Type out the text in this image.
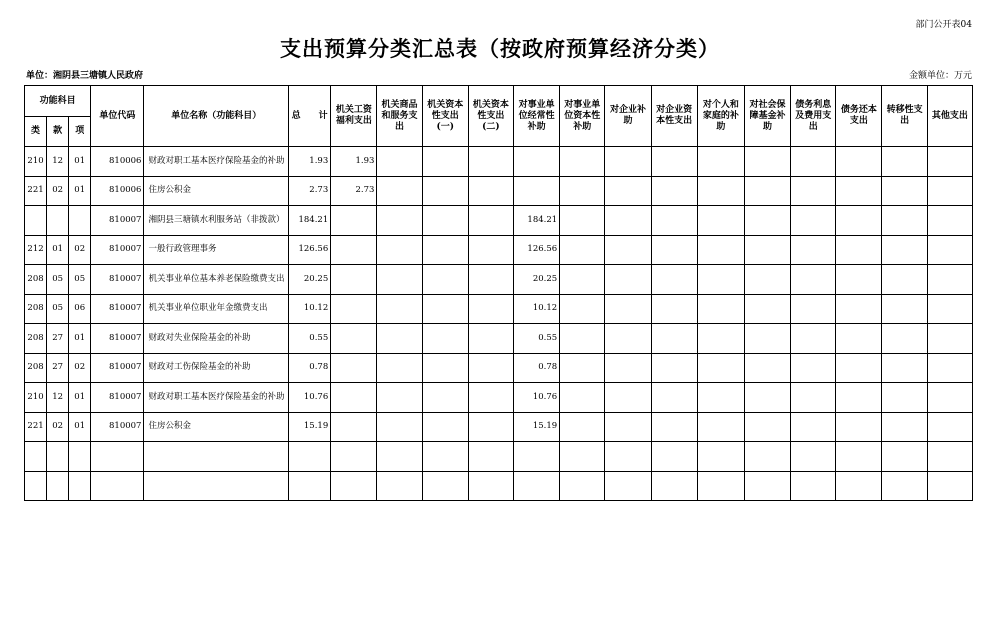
部门公开表04
支出预算分类汇总表（按政府预算经济分类）
单位：湘阴县三塘镇人民政府	金额单位：万元
功能科目			单位代码	单位名称（功能科目）	总　　计	机关工资福利支出	机关商品和服务支出	机关资本性支出(一)	机关资本性支出(二)	对事业单位经常性补助	对事业单位资本性补助	对企业补助	对企业资本性支出	对个人和家庭的补助	对社会保障基金补助	债务利息及费用支出	债务还本支出	转移性支出	其他支出
类	款	项																	
210	12	01	810006	财政对职工基本医疗保险基金的补助	1.93	1.93													
221	02	01	810006	住房公积金	2.73	2.73													
			810007	湘阴县三塘镇水利服务站（非拨款）	184.21					184.21									
212	01	02	810007	一般行政管理事务	126.56					126.56									
208	05	05	810007	机关事业单位基本养老保险缴费支出	20.25					20.25									
208	05	06	810007	机关事业单位职业年金缴费支出	10.12					10.12									
208	27	01	810007	财政对失业保险基金的补助	0.55					0.55									
208	27	02	810007	财政对工伤保险基金的补助	0.78					0.78									
210	12	01	810007	财政对职工基本医疗保险基金的补助	10.76					10.76									
221	02	01	810007	住房公积金	15.19					15.19									
